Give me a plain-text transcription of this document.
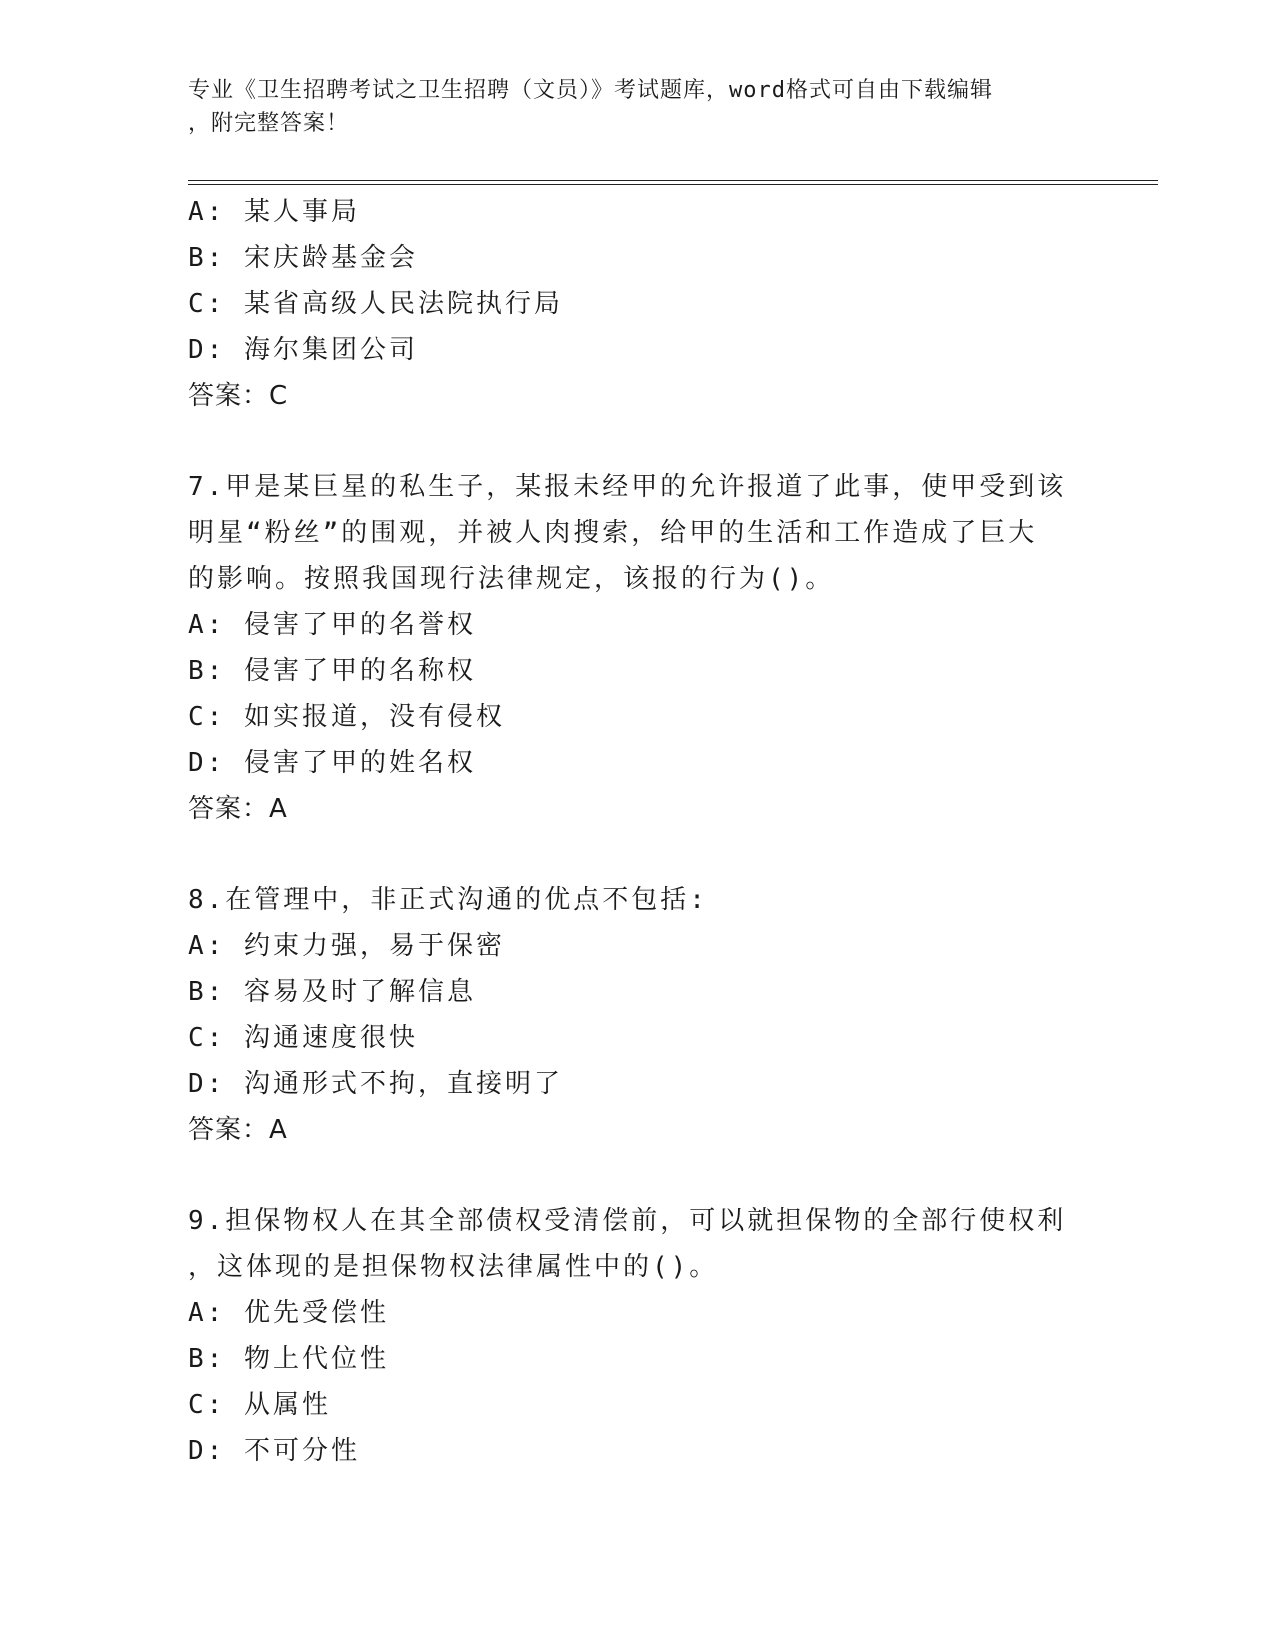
专业《卫生招聘考试之卫生招聘（文员）》考试题库，word格式可自由下载编辑
，附完整答案！
A: 某人事局
B: 宋庆龄基金会
C: 某省高级人民法院执行局
D: 海尔集团公司
答案：C
7.甲是某巨星的私生子，某报未经甲的允许报道了此事，使甲受到该
明星“粉丝”的围观，并被人肉搜索，给甲的生活和工作造成了巨大
的影响。按照我国现行法律规定，该报的行为()。
A: 侵害了甲的名誉权
B: 侵害了甲的名称权
C: 如实报道，没有侵权
D: 侵害了甲的姓名权
答案：A
8.在管理中，非正式沟通的优点不包括:
A: 约束力强，易于保密
B: 容易及时了解信息
C: 沟通速度很快
D: 沟通形式不拘，直接明了
答案：A
9.担保物权人在其全部债权受清偿前，可以就担保物的全部行使权利
，这体现的是担保物权法律属性中的()。
A: 优先受偿性
B: 物上代位性
C: 从属性
D: 不可分性
